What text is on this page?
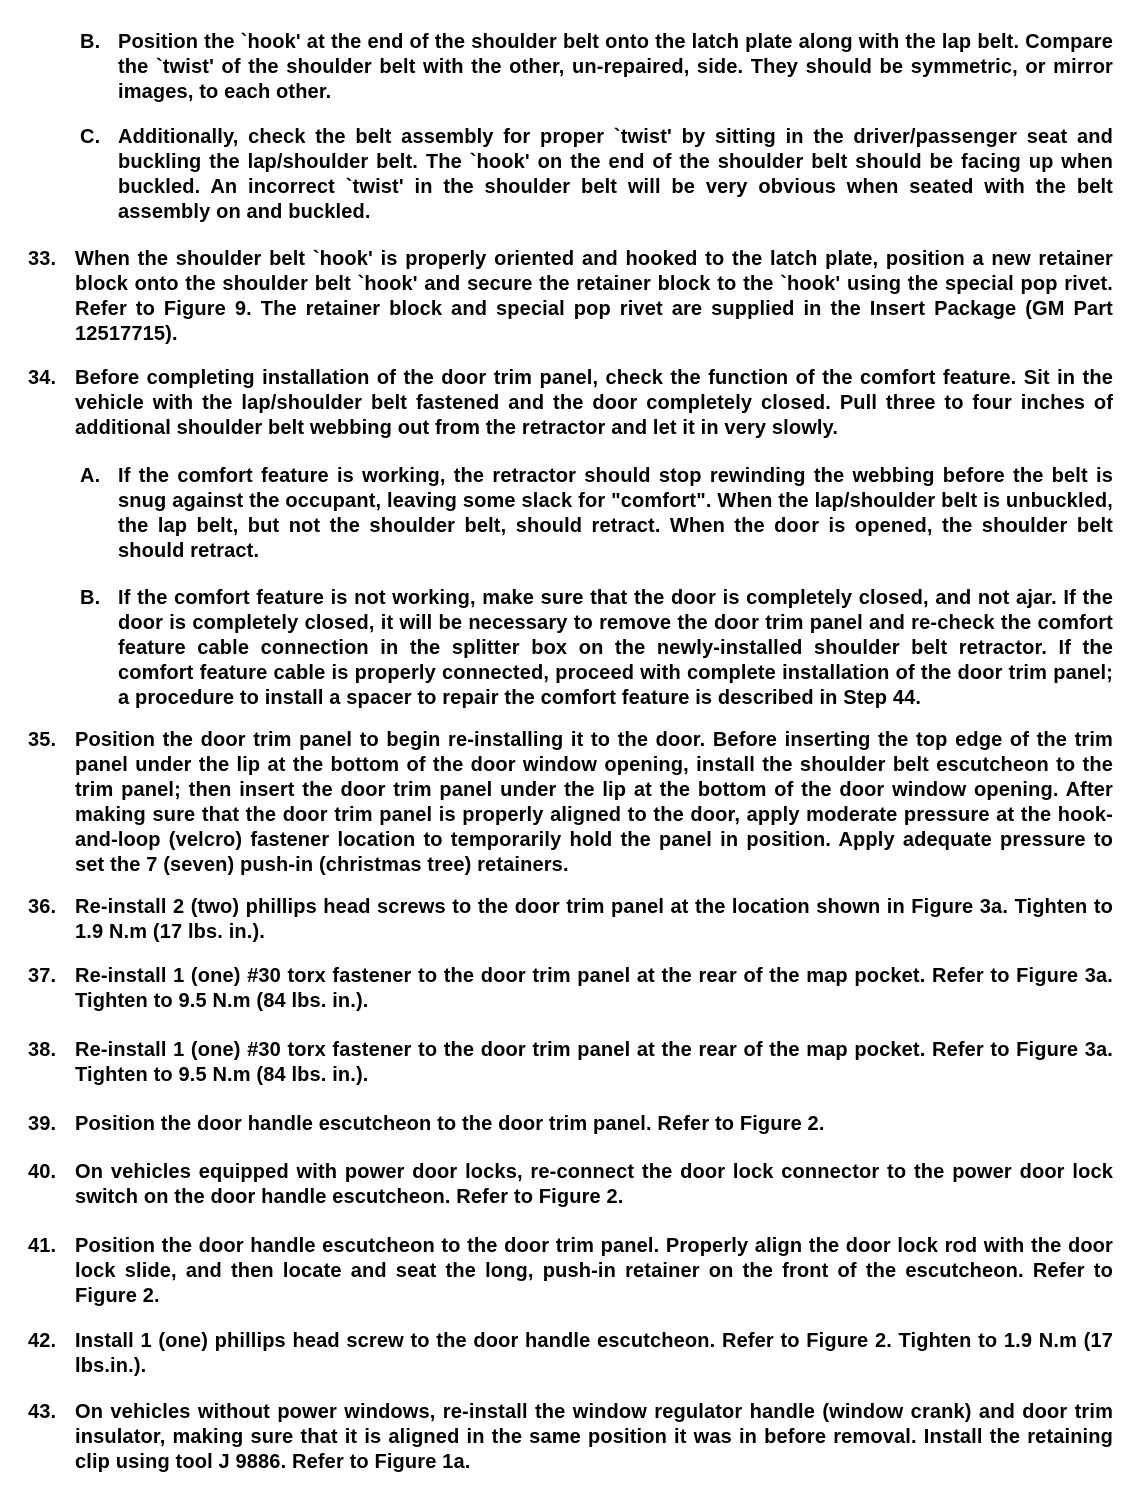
B. Position the `hook' at the end of the shoulder belt onto the latch plate along with the lap belt. Compare the `twist' of the shoulder belt with the other, un-repaired, side. They should be symmetric, or mirror images, to each other.
C. Additionally, check the belt assembly for proper `twist' by sitting in the driver/passenger seat and buckling the lap/shoulder belt. The `hook' on the end of the shoulder belt should be facing up when buckled. An incorrect `twist' in the shoulder belt will be very obvious when seated with the belt assembly on and buckled.
33. When the shoulder belt `hook' is properly oriented and hooked to the latch plate, position a new retainer block onto the shoulder belt `hook' and secure the retainer block to the `hook' using the special pop rivet. Refer to Figure 9. The retainer block and special pop rivet are supplied in the Insert Package (GM Part 12517715).
34. Before completing installation of the door trim panel, check the function of the comfort feature. Sit in the vehicle with the lap/shoulder belt fastened and the door completely closed. Pull three to four inches of additional shoulder belt webbing out from the retractor and let it in very slowly.
A. If the comfort feature is working, the retractor should stop rewinding the webbing before the belt is snug against the occupant, leaving some slack for "comfort". When the lap/shoulder belt is unbuckled, the lap belt, but not the shoulder belt, should retract. When the door is opened, the shoulder belt should retract.
B. If the comfort feature is not working, make sure that the door is completely closed, and not ajar. If the door is completely closed, it will be necessary to remove the door trim panel and re-check the comfort feature cable connection in the splitter box on the newly-installed shoulder belt retractor. If the comfort feature cable is properly connected, proceed with complete installation of the door trim panel; a procedure to install a spacer to repair the comfort feature is described in Step 44.
35. Position the door trim panel to begin re-installing it to the door. Before inserting the top edge of the trim panel under the lip at the bottom of the door window opening, install the shoulder belt escutcheon to the trim panel; then insert the door trim panel under the lip at the bottom of the door window opening. After making sure that the door trim panel is properly aligned to the door, apply moderate pressure at the hook-and-loop (velcro) fastener location to temporarily hold the panel in position. Apply adequate pressure to set the 7 (seven) push-in (christmas tree) retainers.
36. Re-install 2 (two) phillips head screws to the door trim panel at the location shown in Figure 3a. Tighten to 1.9 N.m (17 lbs. in.).
37. Re-install 1 (one) #30 torx fastener to the door trim panel at the rear of the map pocket. Refer to Figure 3a. Tighten to 9.5 N.m (84 lbs. in.).
38. Re-install 1 (one) #30 torx fastener to the door trim panel at the rear of the map pocket. Refer to Figure 3a. Tighten to 9.5 N.m (84 lbs. in.).
39. Position the door handle escutcheon to the door trim panel. Refer to Figure 2.
40. On vehicles equipped with power door locks, re-connect the door lock connector to the power door lock switch on the door handle escutcheon. Refer to Figure 2.
41. Position the door handle escutcheon to the door trim panel. Properly align the door lock rod with the door lock slide, and then locate and seat the long, push-in retainer on the front of the escutcheon. Refer to Figure 2.
42. Install 1 (one) phillips head screw to the door handle escutcheon. Refer to Figure 2. Tighten to 1.9 N.m (17 lbs.in.).
43. On vehicles without power windows, re-install the window regulator handle (window crank) and door trim insulator, making sure that it is aligned in the same position it was in before removal. Install the retaining clip using tool J 9886. Refer to Figure 1a.
